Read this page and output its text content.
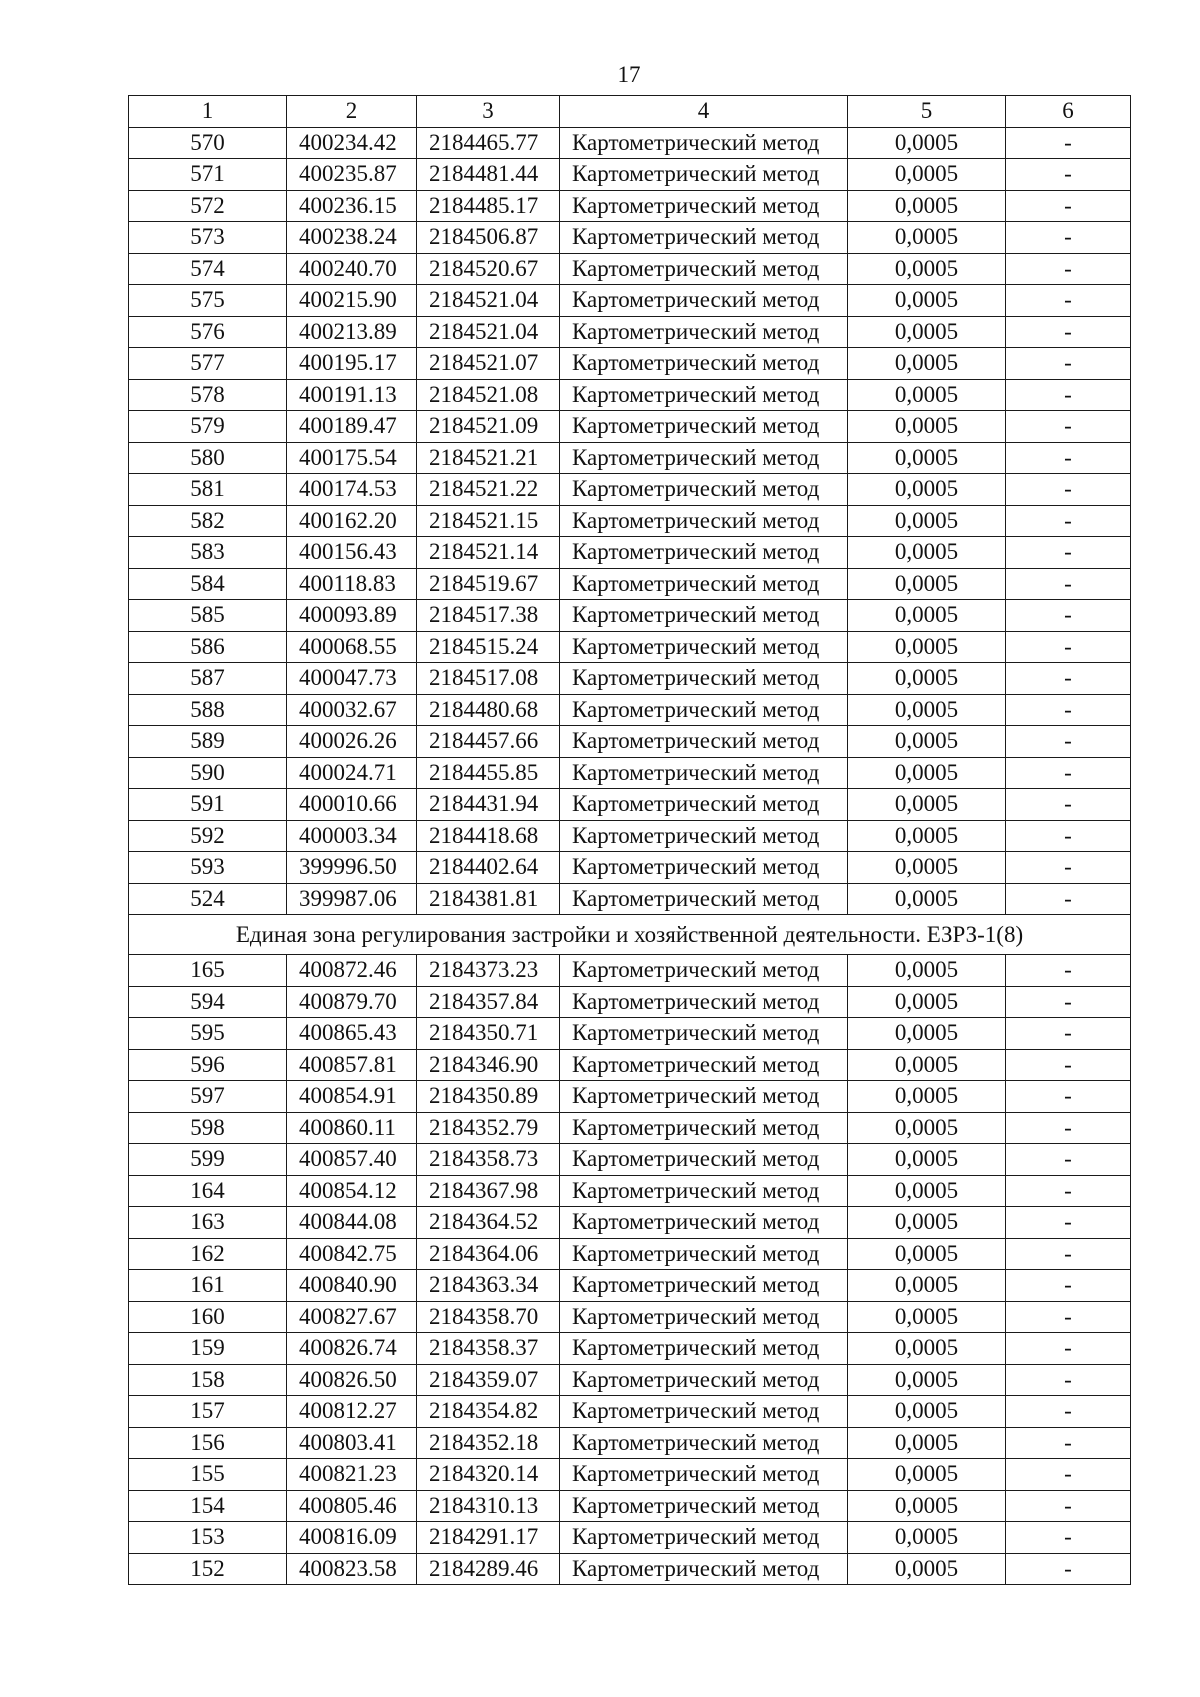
17
1	2	3	4	5	6
570	400234.42	2184465.77	Картометрический метод	0,0005	-
571	400235.87	2184481.44	Картометрический метод	0,0005	-
572	400236.15	2184485.17	Картометрический метод	0,0005	-
573	400238.24	2184506.87	Картометрический метод	0,0005	-
574	400240.70	2184520.67	Картометрический метод	0,0005	-
575	400215.90	2184521.04	Картометрический метод	0,0005	-
576	400213.89	2184521.04	Картометрический метод	0,0005	-
577	400195.17	2184521.07	Картометрический метод	0,0005	-
578	400191.13	2184521.08	Картометрический метод	0,0005	-
579	400189.47	2184521.09	Картометрический метод	0,0005	-
580	400175.54	2184521.21	Картометрический метод	0,0005	-
581	400174.53	2184521.22	Картометрический метод	0,0005	-
582	400162.20	2184521.15	Картометрический метод	0,0005	-
583	400156.43	2184521.14	Картометрический метод	0,0005	-
584	400118.83	2184519.67	Картометрический метод	0,0005	-
585	400093.89	2184517.38	Картометрический метод	0,0005	-
586	400068.55	2184515.24	Картометрический метод	0,0005	-
587	400047.73	2184517.08	Картометрический метод	0,0005	-
588	400032.67	2184480.68	Картометрический метод	0,0005	-
589	400026.26	2184457.66	Картометрический метод	0,0005	-
590	400024.71	2184455.85	Картометрический метод	0,0005	-
591	400010.66	2184431.94	Картометрический метод	0,0005	-
592	400003.34	2184418.68	Картометрический метод	0,0005	-
593	399996.50	2184402.64	Картометрический метод	0,0005	-
524	399987.06	2184381.81	Картометрический метод	0,0005	-
Единая зона регулирования застройки и хозяйственной деятельности. ЕЗРЗ-1(8)					
165	400872.46	2184373.23	Картометрический метод	0,0005	-
594	400879.70	2184357.84	Картометрический метод	0,0005	-
595	400865.43	2184350.71	Картометрический метод	0,0005	-
596	400857.81	2184346.90	Картометрический метод	0,0005	-
597	400854.91	2184350.89	Картометрический метод	0,0005	-
598	400860.11	2184352.79	Картометрический метод	0,0005	-
599	400857.40	2184358.73	Картометрический метод	0,0005	-
164	400854.12	2184367.98	Картометрический метод	0,0005	-
163	400844.08	2184364.52	Картометрический метод	0,0005	-
162	400842.75	2184364.06	Картометрический метод	0,0005	-
161	400840.90	2184363.34	Картометрический метод	0,0005	-
160	400827.67	2184358.70	Картометрический метод	0,0005	-
159	400826.74	2184358.37	Картометрический метод	0,0005	-
158	400826.50	2184359.07	Картометрический метод	0,0005	-
157	400812.27	2184354.82	Картометрический метод	0,0005	-
156	400803.41	2184352.18	Картометрический метод	0,0005	-
155	400821.23	2184320.14	Картометрический метод	0,0005	-
154	400805.46	2184310.13	Картометрический метод	0,0005	-
153	400816.09	2184291.17	Картометрический метод	0,0005	-
152	400823.58	2184289.46	Картометрический метод	0,0005	-
